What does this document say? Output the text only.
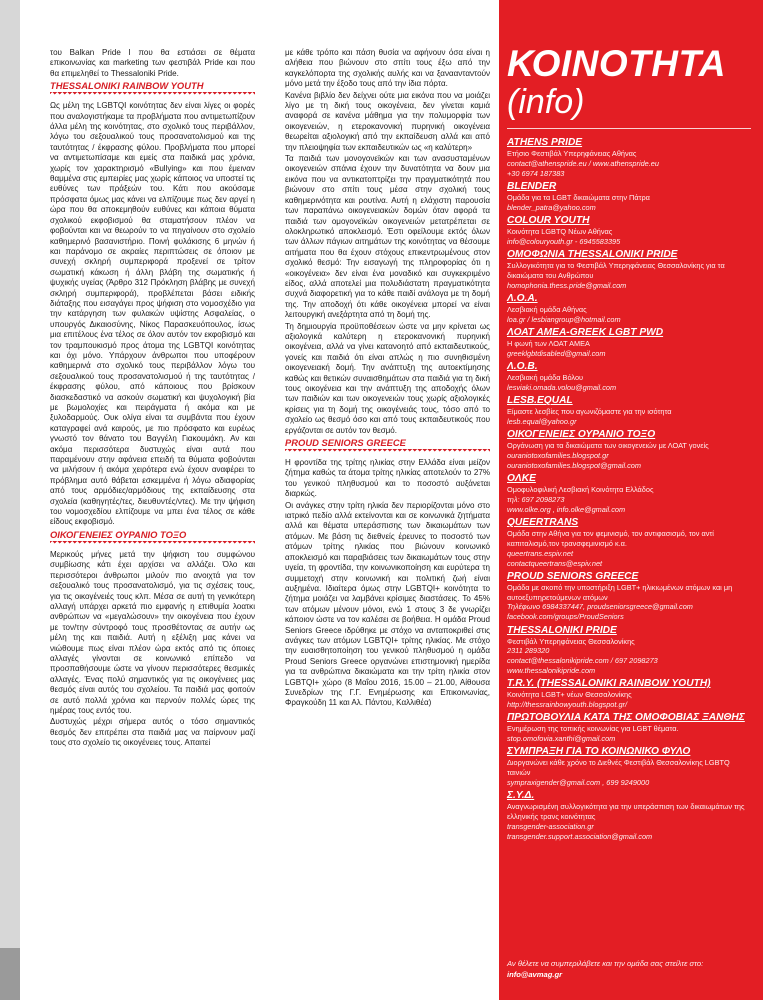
του Balkan Pride I που θα εστιάσει σε θέματα επικοινωνίας και marketing των φεστιβάλ Pride και που θα επιμεληθεί το Thessaloniki Pride.

THESSALONIKI RAINBOW YOUTH

Ως μέλη της LGBTQI κοινότητας δεν είναι λίγες οι φορές που αναλογιστήκαμε τα προβλήματα που αντιμετωπίζουν άλλα μέλη της κοινότητας, στο σχολικό τους περιβάλλον, λόγω του σεξουαλικού τους προσανατολισμού και της ταυτότητας / έκφρασης φύλου. Προβλήματα που μπορεί να αντιμετωπίσαμε και εμείς στα παιδικά μας χρόνια, χωρίς τον χαρακτηρισμό «Bullying» και που έμειναν θαμμένα στις εμπειρίες μας χωρίς κάποιος να υποστεί τις ευθύνες των πράξεών του. Κάτι που ακούσαμε πρόσφατα όμως μας κάνει να ελπίζουμε πως δεν αργεί η ώρα που θα αποκεμηθούν ευθύνες και κάποια θύματα σχολικού εκφοβισμού θα σταματήσουν πλέον να φοβούνται και να θεωρούν το να πηγαίνουν στο σχολείο καθημερινό βασανιστήριο. Ποινή φυλάκισης 6 μηνών ή και παράνομο σε ακραίες περιπτώσεις σε όποιον με συνεχή σκληρή συμπεριφορά προξενεί σε τρίτον σωματική κάκωση ή άλλη βλάβη της σωματικής ή ψυχικής υγείας (Άρθρο 312 Πρόκληση βλάβης με συνεχή σκληρή συμπεριφορά), προβλέπεται βάσει ειδικής διάταξης που εισαγάγει προς ψήφιση στο νομοσχέδιο για την κατάργηση των φυλακών υψίστης Ασφαλείας, ο υπουργός Δικαιοσύνης, Νίκος Παρασκευόπουλος, ίσως μια επιτέλους ένα τέλος σε όλον αυτόν τον εκφοβισμό και τον τραμπουκισμό προς άτομα της LGBTQI κοινότητας και όχι μόνο. Υπάρχουν άνθρωποι που υποφέρουν καθημερινά στο σχολικό τους περιβάλλον λόγω του σεξουαλικού τους προσανατολισμού ή της ταυτότητας / έκφρασης φύλου, από κάποιους που βρίσκουν διασκεδαστικό να ασκούν σωματική και ψυχολογική βία με βωμολοχίες και πειράγματα ή ακόμα και με ξυλοδαρμούς. Ουκ ολίγα είναι τα συμβάντα που έχουν καταγραφεί ανά καιρούς, με πιο πρόσφατο και ευρέως γνωστό τον θάνατο του Βαγγέλη Γιακουμάκη. Αν και ακόμα περισσότερα δυστυχώς είναι αυτά που παραμένουν στην αφάνεια επειδή τα θύματα φοβούνται να μιλήσουν ή ακόμα χειρότερα ενώ έχουν αναφέρει το πρόβλημα αυτό θάβεται εσκεμμένα ή λόγω αδιαφορίας από τους αρμόδιες/αρμόδιους της εκπαίδευσης στα σχολεία (καθηγητές/τες, διευθυντές/ντες). Με την ψήφιση του νομοσχεδίου ελπίζουμε να μπει ένα τέλος σε κάθε είδους εκφοβισμό.

ΟΙΚΟΓΕΝΕΙΕΣ ΟΥΡΑΝΙΟ ΤΟΞΟ

Μερικούς μήνες μετά την ψήφιση του συμφώνου συμβίωσης κάτι έχει αρχίσει να αλλάζει. Όλο και περισσότεροι άνθρωποι μιλούν πιο ανοιχτά για τον σεξουαλικό τους προσανατολισμό, για τις σχέσεις τους, για τις οικογένειές τους κλπ. Μέσα σε αυτή τη γενικότερη αλλαγή υπάρχει αρκετά πιο εμφανής η επιθυμία λοατκι ανθρώπων να «μεγαλώσουν» την οικογένεια που έχουν με τον/την σύντροφό τους προσθέτοντας σε αυτήν ως μέλη της και παιδιά. Αυτή η εξέλιξη μας κάνει να νιώθουμε πως είναι πλέον ώρα εκτός από τις όποιες αλλαγές γίνονται σε κοινωνικό επίπεδο να προσπαθήσουμε ώστε να γίνουν περισσότερες θεσμικές αλλαγές. Ένας πολύ σημαντικός για τις οικογένειες μας θεσμός είναι αυτός του σχολείου. Τα παιδιά μας φοιτούν σε αυτό πολλά χρόνια και περνούν πολλές ώρες της ημέρας τους εντός του.

Δυστυχώς μέχρι σήμερα αυτός ο τόσο σημαντικός θεσμός δεν επιτρέπει στα παιδιά μας να παίρνουν μαζί τους στο σχολείο τις οικογένειες τους. Απαιτεί

με κάθε τρόπο και πάση θυσία να αφήνουν όσα είναι η αλήθεια που βιώνουν στο σπίτι τους έξω από την καγκελόπορτα της σχολικής αυλής και να ξαναανταντούν μόνο μετά την έξοδο τους από την ίδια πόρτα.

Κανένα βιβλίο δεν δείχνει ούτε μια εικόνα που να μοιάζει λίγο με τη δική τους οικογένεια, δεν γίνεται καμιά αναφορά σε κανένα μάθημα για την πολυμορφία των οικογενειών, η ετεροκανονική πυρηνική οικογένεια θεωρείται αξιολογική από την εκπαίδευση αλλά και από την πλειοψηφία των εκπαιδευτικών ως «η καλύτερη»

Τα παιδιά των μονογονεϊκών και των ανασυσταμένων οικογενειών σπάνια έχουν την δυνατότητα να δουν μια εικόνα που να αντικατοπτρίζει την πραγματικότητά που βιώνουν στο σπίτι τους μέσα στην σχολική τους καθημερινότητα και ρουτίνα. Αυτή η ελάχιστη παρουσία των παραπάνω οικογενειακών δομών όταν αφορά τα παιδιά των ομογονεϊκών οικογενειών μετατρέπεται σε ολοκληρωτικό αποκλεισμό. Έστι οφείλουμε εκτός όλων των άλλων πάγιων αιτημάτων της κοινότητας να θέσουμε αιτήματα που θα έχουν στόχους επικεντρωμένους στον σχολικό θεσμό: Την εισαγωγή της πληροφορίας ότι η «οικογένεια» δεν είναι ένα μοναδικό και συγκεκριμένο είδος, αλλά αποτελεί μια πολυδιάστατη πραγματικότητα συχνά διαφορετική για το κάθε παιδί ανάλογα με τη δομή της. Την αποδοχή ότι κάθε οικογένεια μπορεί να είναι λειτουργική ανεξάρτητα από τη δομή της.

Τη δημιουργία προϋποθέσεων ώστε να μην κρίνεται ως αξιολογικά καλύτερη η ετεροκανονική πυρηνική οικογένεια, αλλά να γίνει κατανοητό από εκπαιδευτικούς, γονείς και παιδιά ότι είναι απλώς η πιο συνηθισμένη οικογενειακή δομή. Την ανάπτυξη της αυτοεκτίμησης καθώς και θετικών συναισθημάτων στα παιδιά για τη δική τους οικογένεια και την ανάπτυξη της αποδοχής όλων των παιδιών και των οικογενειών τους χωρίς αξιολογικές κρίσεις για τη δομή της οικογένειάς τους, τόσο από το σχολείο ως θεσμό όσο και από τους εκπαιδευτικούς που εργάζονται σε αυτόν τον θεσμό.

PROUD SENIORS GREECE

Η φροντίδα της τρίτης ηλικίας στην Ελλάδα είναι μείζον ζήτημα καθώς τα άτομα τρίτης ηλικίας αποτελούν το 27% του γενικού πληθυσμού και το ποσοστό αυξάνεται διαρκώς.

Οι ανάγκες στην τρίτη ηλικία δεν περιορίζονται μόνο στο ιατρικό πεδίο αλλά εκτείνονται και σε κοινωνικά ζητήματα αλλά και θέματα υπεράσπισης των δικαιωμάτων των ατόμων. Με βάση τις διεθνείς έρευνες το ποσοστό των ατόμων τρίτης ηλικίας που βιώνουν κοινωνικό αποκλεισμό και παραβιάσεις των δικαιωμάτων τους στην υγεία, τη φροντίδα, την κοινωνικοποίηση και ευρύτερα τη συμμετοχή στην κοινωνική και πολιτική ζωή είναι αυξημένα. Ιδιαίτερα όμως στην LGBTQI+ κοινότητα το ζήτημα μοιάζει να λαμβάνει κρίσιμες διαστάσεις. Το 45% των ατόμων μένουν μόνοι, ενώ 1 στους 3 δε γνωρίζει κάποιον ώστε να τον καλέσει σε βοήθεια. Η ομάδα Proud Seniors Greece ιδρύθηκε με στόχο να ανταποκριθεί στις ανάγκες των ατόμων LGBTQI+ τρίτης ηλικίας. Με στόχο την ευαισθητοποίηση του γενικού πληθυσμού η ομάδα Proud Seniors Greece οργανώνει επιστημονική ημερίδα για τα ανθρώπινα δικαιώματα και την τρίτη ηλικία στον LGBTQI+ χώρο (8 Μαΐου 2016, 15.00 – 21.00, Αίθουσα Συνεδρίων της Γ.Γ. Ενημέρωσης και Επικοινωνίας, Φραγκούδη 11 και Αλ. Πάντου, Καλλιθέα)

ΚΟΙΝΟΤΗΤΑ
(info)
ATHENS PRIDE
Ετήσιο Φεστιβάλ Υπερηφάνειας Αθήνας
contact@athenspride.eu / www.athenspride.eu
+30 6974 187383
BLENDER
Ομάδα για τα LGBT δικαιώματα στην Πάτρα
blender_patra@yahoo.com
COLOUR YOUTH
Κοινότητα LGBTQ Νέων Αθήνας
info@colouryouth.gr - 6945583395
ΟΜΟΦΩΝΙΑ THESSALONIKI PRIDE
Συλλογικότητα για το Φεστιβάλ Υπερηφάνειας Θεσσαλονίκης για τα δικαιώματα του Ανθρώπου
homophonia.thess.pride@gmail.com
Λ.Ο.Α.
Λεσβιακή ομάδα Αθήνας
loa.gr / lesbiangroup@hotmail.com
ΛΟΑΤ ΑΜΕΑ-GREEK LGBT PWD
Η φωνή των ΛΟΑΤ ΑΜΕΑ
greeklgbtdisabled@gmail.com
Λ.Ο.Β.
Λεσβιακή ομάδα Βόλου
lesviaki.omada.volou@gmail.com
LESB.EQUAL
Είμαστε λεσβίες που αγωνιζόμαστε για την ισότητα
lesb.equal@yahoo.gr
ΟΙΚΟΓΕΝΕΙΕΣ ΟΥΡΑΝΙΟ ΤΟΞΟ
Οργάνωση για τα δικαιώματα των οικογενειών με ΛΟΑΤ γονείς
ouraniotoxofamilies.blogspot.gr
ouraniotoxofamilies.blogspot@gmail.com
ΟΛΚΕ
Ομοφυλοφιλική Λεσβιακή Κοινότητα Ελλάδος
τηλ: 697 2098273
www.olke.org , info.olke@gmail.com
QUEERTRANS
Ομάδα στην Αθήνα για τον φεμινισμό, τον αντιφασισμό, τον αντί καπιταλισμό,τον τρανσφεμινισμό κ.α.
queertrans.espiv.net
contactqueertrans@espiv.net
PROUD SENIORS GREECE
Ομάδα με σκοπό την υποστήριξη LGBT+ ηλικιωμένων ατόμων και μη αυτοεξυπηρετούμενων ατόμων
Τηλέφωνο 6984337447, proudseniorsgreece@gmail.com
facebook.com/groups/ProudSeniors
THESSALONIKI PRIDE
Φεστιβάλ Υπερηφάνειας Θεσσαλονίκης
2311 289320
contact@thessalonikipride.com / 697 2098273
www.thessalonikipride.com
T.R.Y. (THESSALONIKI RAINBOW YOUTH)
Κοινότητα LGBT+ νέων Θεσσαλονίκης
http://thessrainbowyouth.blogspot.gr/
ΠΡΩΤΟΒΟΥΛΙΑ ΚΑΤΑ ΤΗΣ ΟΜΟΦΟΒΙΑΣ ΞΑΝΘΗΣ
Ενημέρωση της τοπικής κοινωνίας για LGBT θέματα.
stop.omofovia.xanthi@gmail.com
ΣΥΜΠΡΑΞΗ ΓΙΑ ΤΟ ΚΟΙΝΩΝΙΚΟ ΦΥΛΟ
Διοργανώνει κάθε χρόνο το Διεθνές Φεστιβάλ Θεσσαλονίκης LGBTQ ταινιών
sympraxigender@gmail.com , 699 9249000
Σ.Υ.Δ.
Αναγνωρισμένη συλλογικότητα για την υπεράσπιση των δικαιωμάτων της ελληνικής τρανς κοινότητας
transgender-association.gr
transgender.support.association@gmail.com
Αν θέλετε να συμπεριλάβετε και την ομάδα σας στείλτε στο: info@avmag.gr
